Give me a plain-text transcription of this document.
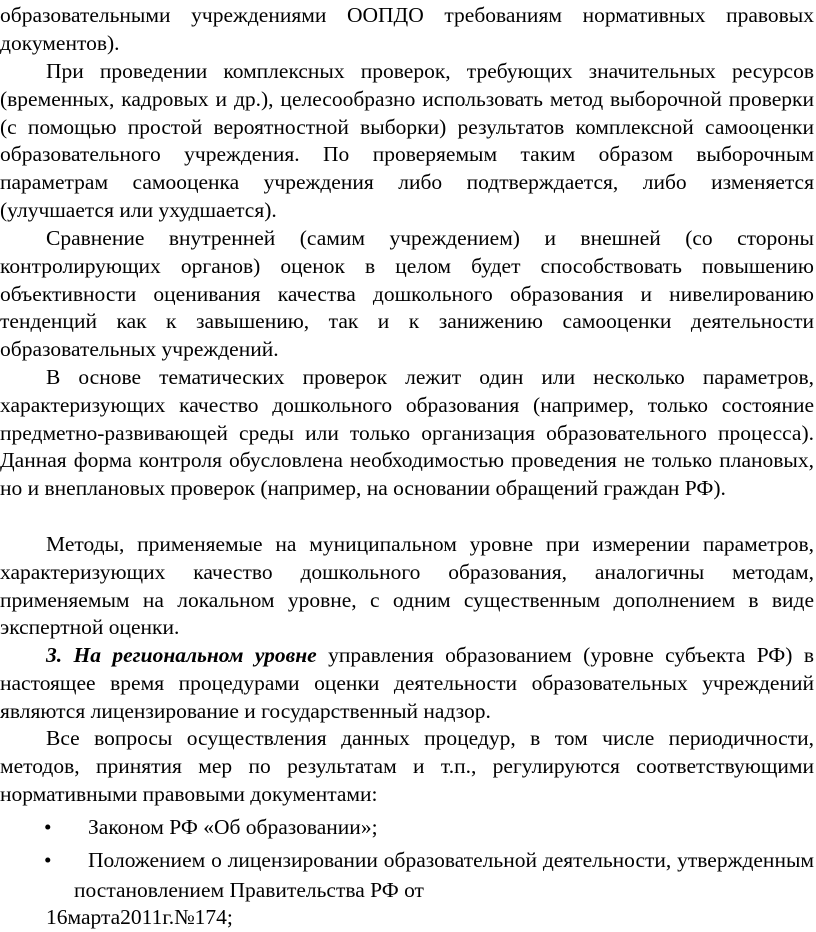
образовательными учреждениями ООПДО требованиям нормативных правовых документов).

При проведении комплексных проверок, требующих значительных ресурсов (временных, кадровых и др.), целесообразно использовать метод выборочной проверки (с помощью простой вероятностной выборки) результатов комплексной самооценки образовательного учреждения. По проверяемым таким образом выборочным параметрам самооценка учреждения либо подтверждается, либо изменяется (улучшается или ухудшается).

Сравнение внутренней (самим учреждением) и внешней (со стороны контролирующих органов) оценок в целом будет способствовать повышению объективности оценивания качества дошкольного образования и нивелированию тенденций как к завышению, так и к занижению самооценки деятельности образовательных учреждений.

В основе тематических проверок лежит один или несколько параметров, характеризующих качество дошкольного образования (например, только состояние предметно-развивающей среды или только организация образовательного процесса). Данная форма контроля обусловлена необходимостью проведения не только плановых, но и внеплановых проверок (например, на основании обращений граждан РФ).

Методы, применяемые на муниципальном уровне при измерении параметров, характеризующих качество дошкольного образования, аналогичны методам, применяемым на локальном уровне, с одним существенным дополнением в виде экспертной оценки.

3. На региональном уровне управления образованием (уровне субъекта РФ) в настоящее время процедурами оценки деятельности образовательных учреждений являются лицензирование и государственный надзор.

Все вопросы осуществления данных процедур, в том числе периодичности, методов, принятия мер по результатам и т.п., регулируются соответствующими нормативными правовыми документами:

• Законом РФ «Об образовании»;
•	Положением о лицензировании образовательной деятельности, утвержденным постановлением Правительства РФ от
16марта2011г.№174;
